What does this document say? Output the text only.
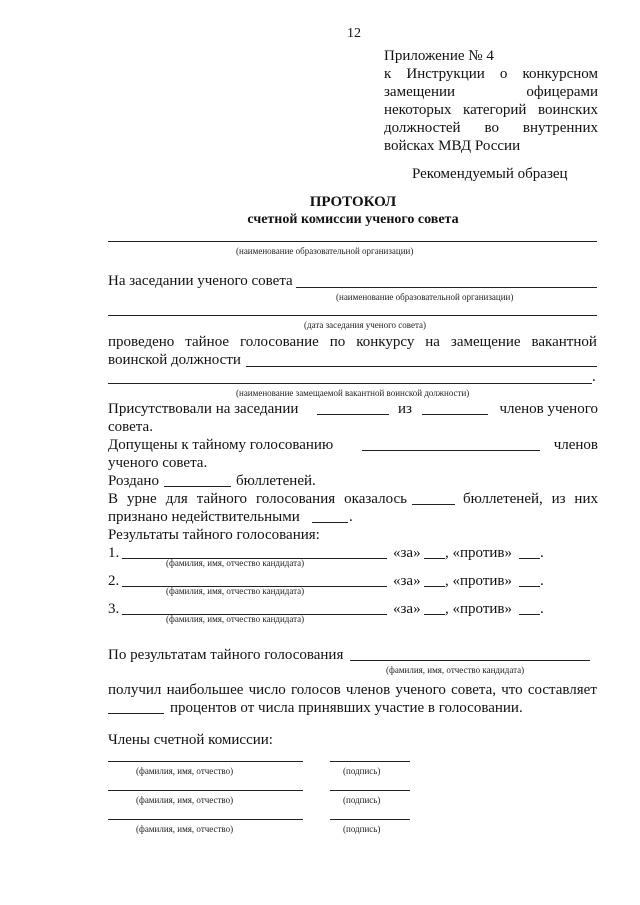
12
Приложение № 4
к Инструкции о конкурсном
замещении	офицерами
некоторых категорий воинских
должностей во внутренних
войсках МВД России
Рекомендуемый образец
ПРОТОКОЛ
счетной комиссии ученого совета
(наименование образовательной организации)
На заседании ученого совета
(наименование образовательной организации)
(дата заседания ученого совета)
проведено тайное голосование по конкурсу на замещение вакантной
воинской должности
.
(наименование замещаемой вакантной воинской должности)
Присутствовали на заседании	из	членов ученого
совета.
Допущены к тайному голосованию	членов
ученого совета.
Роздано	бюллетеней.
В урне для тайного голосования оказалось	бюллетеней, из них
признано недействительными	.
Результаты тайного голосования:
1.	«за» , «против» .
(фамилия, имя, отчество кандидата)
2.	«за» , «против» .
(фамилия, имя, отчество кандидата)
3.	«за» , «против» .
(фамилия, имя, отчество кандидата)
По результатам тайного голосования
(фамилия, имя, отчество кандидата)
получил наибольшее число голосов членов ученого совета, что составляет
процентов от числа принявших участие в голосовании.
Члены счетной комиссии:
(фамилия, имя, отчество)	(подпись)
(фамилия, имя, отчество)	(подпись)
(фамилия, имя, отчество)	(подпись)
